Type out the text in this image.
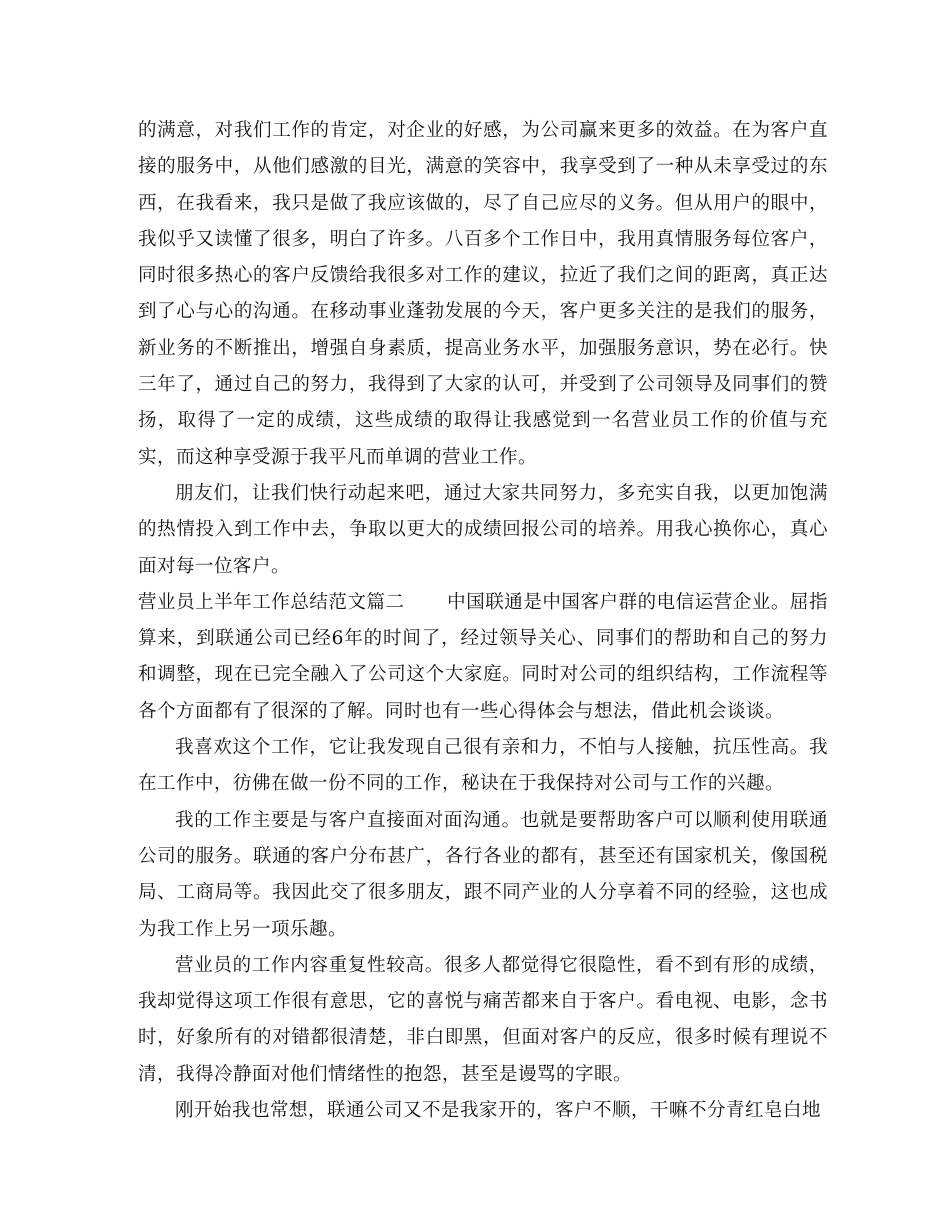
的满意，对我们工作的肯定，对企业的好感，为公司赢来更多的效益。在为客户直接的服务中，从他们感激的目光，满意的笑容中，我享受到了一种从未享受过的东西，在我看来，我只是做了我应该做的，尽了自己应尽的义务。但从用户的眼中，我似乎又读懂了很多，明白了许多。八百多个工作日中，我用真情服务每位客户，同时很多热心的客户反馈给我很多对工作的建议，拉近了我们之间的距离，真正达到了心与心的沟通。在移动事业蓬勃发展的今天，客户更多关注的是我们的服务，新业务的不断推出，增强自身素质，提高业务水平，加强服务意识，势在必行。快三年了，通过自己的努力，我得到了大家的认可，并受到了公司领导及同事们的赞扬，取得了一定的成绩，这些成绩的取得让我感觉到一名营业员工作的价值与充实，而这种享受源于我平凡而单调的营业工作。

朋友们，让我们快行动起来吧，通过大家共同努力，多充实自我，以更加饱满的热情投入到工作中去，争取以更大的成绩回报公司的培养。用我心换你心，真心面对每一位客户。

营业员上半年工作总结范文篇二 中国联通是中国客户群的电信运营企业。屈指算来，到联通公司已经6年的时间了，经过领导关心、同事们的帮助和自己的努力和调整，现在已完全融入了公司这个大家庭。同时对公司的组织结构，工作流程等各个方面都有了很深的了解。同时也有一些心得体会与想法，借此机会谈谈。

我喜欢这个工作，它让我发现自己很有亲和力，不怕与人接触，抗压性高。我在工作中，彷佛在做一份不同的工作，秘诀在于我保持对公司与工作的兴趣。

我的工作主要是与客户直接面对面沟通。也就是要帮助客户可以顺利使用联通公司的服务。联通的客户分布甚广，各行各业的都有，甚至还有国家机关，像国税局、工商局等。我因此交了很多朋友，跟不同产业的人分享着不同的经验，这也成为我工作上另一项乐趣。

营业员的工作内容重复性较高。很多人都觉得它很隐性，看不到有形的成绩，我却觉得这项工作很有意思，它的喜悦与痛苦都来自于客户。看电视、电影，念书时，好象所有的对错都很清楚，非白即黑，但面对客户的反应，很多时候有理说不清，我得冷静面对他们情绪性的抱怨，甚至是谩骂的字眼。

刚开始我也常想，联通公司又不是我家开的，客户不顺，干嘛不分青红皂白地
